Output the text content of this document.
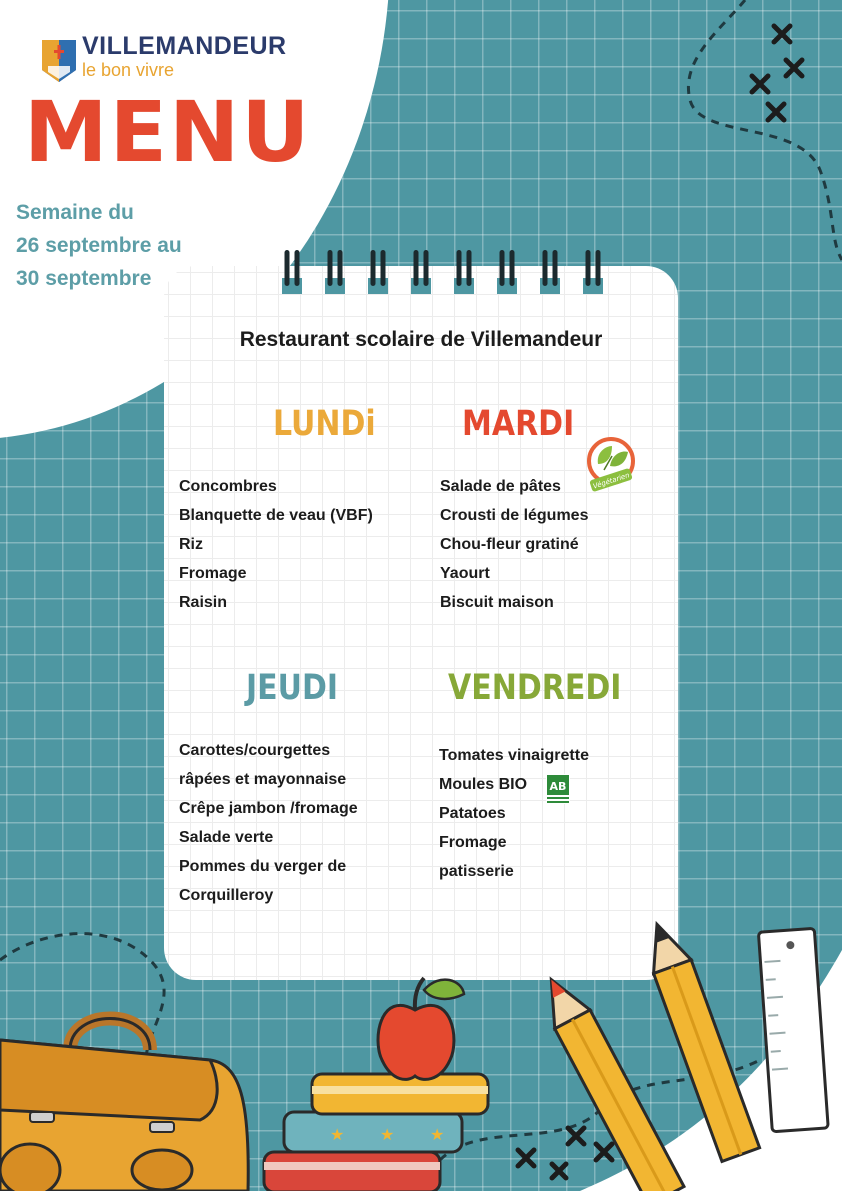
VILLEMANDEUR
le bon vivre
MENU
Semaine du
26 septembre au
30 septembre
Restaurant scolaire de Villemandeur
LUNDi	MARDI
JEUDI	VENDREDI
Concombres
Blanquette de veau (VBF)
Riz
Fromage
Raisin
Salade de pâtes
Crousti de légumes
Chou-fleur gratiné
Yaourt
Biscuit maison
Carottes/courgettes
râpées et mayonnaise
Crêpe jambon /fromage
Salade verte
Pommes du verger de
Corquilleroy
Tomates vinaigrette
Moules BIO
Patatoes
Fromage
patisserie
Végétarien
AB
★ ★ ★
